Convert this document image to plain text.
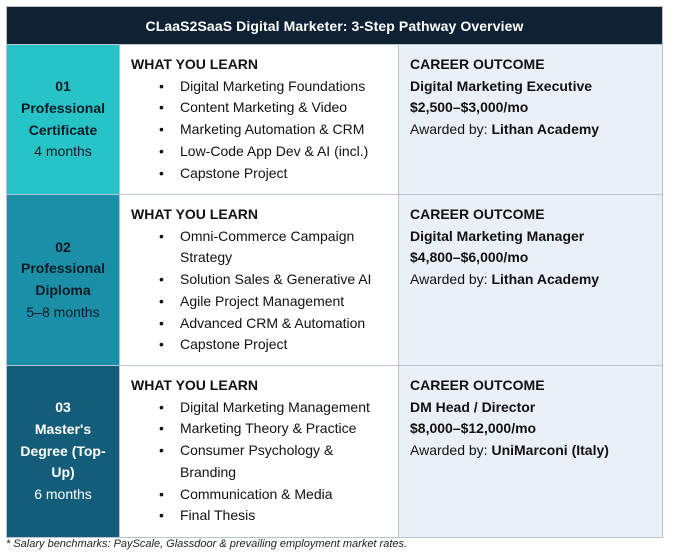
CLaaS2SaaS Digital Marketer: 3-Step Pathway Overview
01
Professional
Certificate
4 months
WHAT YOU LEARN
• Digital Marketing Foundations
• Content Marketing & Video
• Marketing Automation & CRM
• Low-Code App Dev & AI (incl.)
• Capstone Project
CAREER OUTCOME
Digital Marketing Executive
$2,500–$3,000/mo
Awarded by: Lithan Academy
02
Professional
Diploma
5–8 months
WHAT YOU LEARN
• Omni-Commerce Campaign Strategy
• Solution Sales & Generative AI
• Agile Project Management
• Advanced CRM & Automation
• Capstone Project
CAREER OUTCOME
Digital Marketing Manager
$4,800–$6,000/mo
Awarded by: Lithan Academy
03
Master's
Degree (Top-
Up)
6 months
WHAT YOU LEARN
• Digital Marketing Management
• Marketing Theory & Practice
• Consumer Psychology & Branding
• Communication & Media
• Final Thesis
CAREER OUTCOME
DM Head / Director
$8,000–$12,000/mo
Awarded by: UniMarconi (Italy)
* Salary benchmarks: PayScale, Glassdoor & prevailing employment market rates.
